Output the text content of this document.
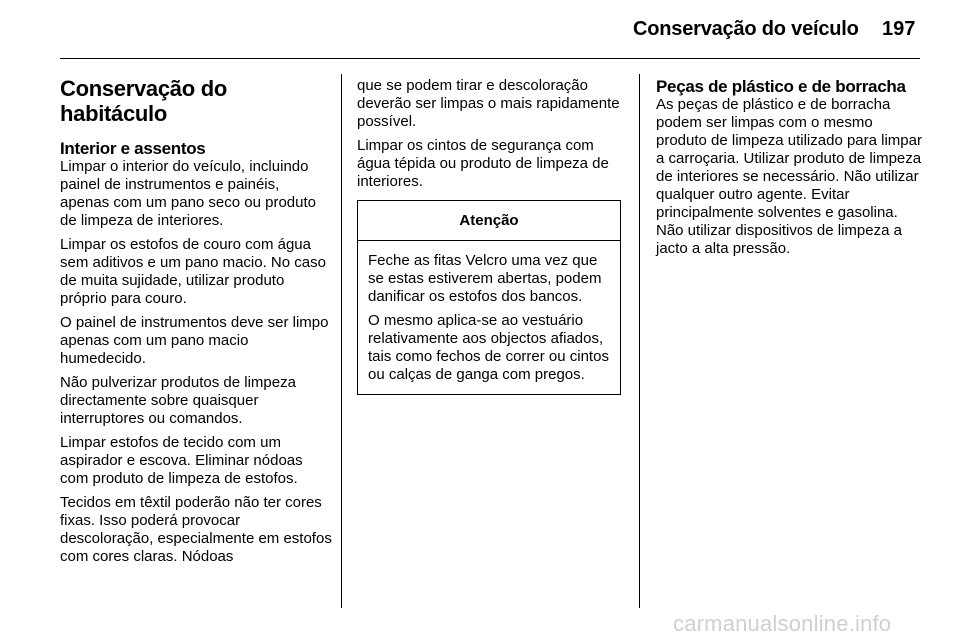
Conservação do veículo 197
Conservação do habitáculo
Interior e assentos

Limpar o interior do veículo, incluindo painel de instrumentos e painéis, apenas com um pano seco ou produto de limpeza de interiores.

Limpar os estofos de couro com água sem aditivos e um pano macio. No caso de muita sujidade, utilizar produto próprio para couro.

O painel de instrumentos deve ser limpo apenas com um pano macio humedecido.

Não pulverizar produtos de limpeza directamente sobre quaisquer interruptores ou comandos.

Limpar estofos de tecido com um aspirador e escova. Eliminar nódoas com produto de limpeza de estofos.

Tecidos em têxtil poderão não ter cores fixas. Isso poderá provocar descoloração, especialmente em estofos com cores claras. Nódoas

que se podem tirar e descoloração deverão ser limpas o mais rapidamente possível.

Limpar os cintos de segurança com água tépida ou produto de limpeza de interiores.

Atenção

Feche as fitas Velcro uma vez que se estas estiverem abertas, podem danificar os estofos dos bancos.

O mesmo aplica-se ao vestuário relativamente aos objectos afiados, tais como fechos de correr ou cintos ou calças de ganga com pregos.

Peças de plástico e de borracha

As peças de plástico e de borracha podem ser limpas com o mesmo produto de limpeza utilizado para limpar a carroçaria. Utilizar produto de limpeza de interiores se necessário. Não utilizar qualquer outro agente. Evitar principalmente solventes e gasolina. Não utilizar dispositivos de limpeza a jacto a alta pressão.

carmanualsonline.info
